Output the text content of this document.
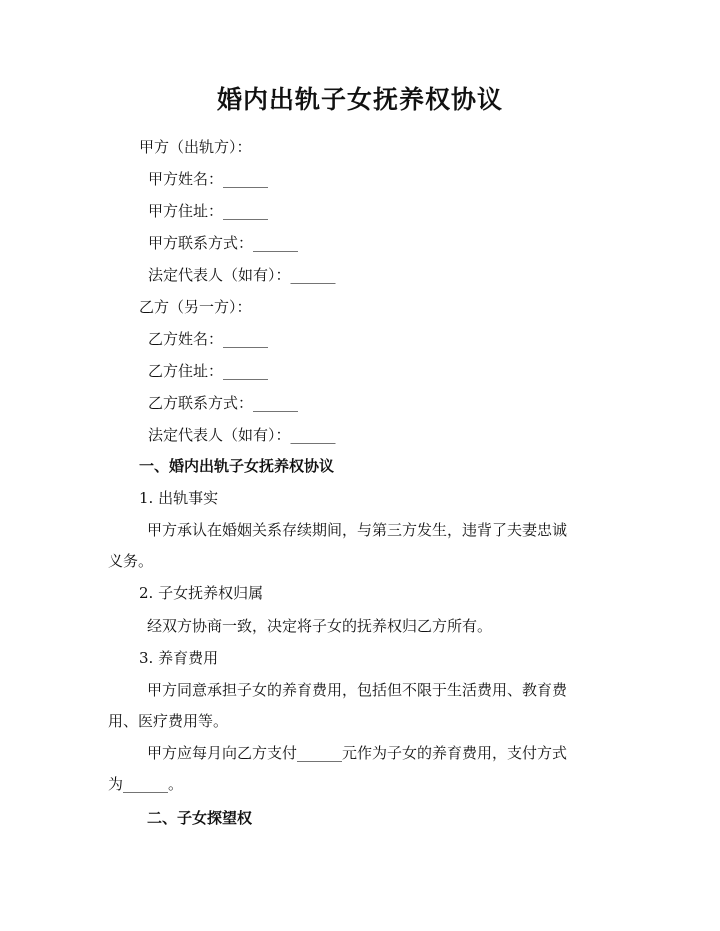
婚内出轨子女抚养权协议
甲方（出轨方）：
甲方姓名：______
甲方住址：______
甲方联系方式：______
法定代表人（如有）：______
乙方（另一方）：
乙方姓名：______
乙方住址：______
乙方联系方式：______
法定代表人（如有）：______
一、婚内出轨子女抚养权协议
1. 出轨事实
甲方承认在婚姻关系存续期间，与第三方发生，违背了夫妻忠诚
义务。
2. 子女抚养权归属
经双方协商一致，决定将子女的抚养权归乙方所有。
3. 养育费用
甲方同意承担子女的养育费用，包括但不限于生活费用、教育费
用、医疗费用等。
甲方应每月向乙方支付______元作为子女的养育费用，支付方式
为______。
二、子女探望权
